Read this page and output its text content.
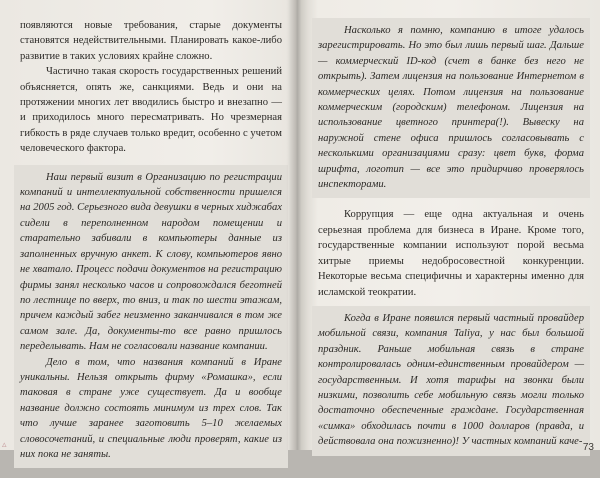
появляются новые требования, старые документы становятся недействительными. Планировать какое-либо развитие в таких условиях крайне сложно.

Частично такая скорость государственных решений объясняется, опять же, санкциями. Ведь и они на протяжении многих лет вводились быстро и внезапно — и приходилось много пересматривать. Но чрезмерная гибкость в ряде случаев только вредит, особенно с учетом человеческого фактора.

Наш первый визит в Организацию по регистрации компаний и интеллектуальной собственности пришелся на 2005 год. Серьезного вида девушки в черных хиджабах сидели в переполненном народом помещении и старательно забивали в компьютеры данные из заполненных вручную анкет. К слову, компьютеров явно не хватало. Процесс подачи документов на регистрацию фирмы занял несколько часов и сопровождался беготней по лестнице по вверх, то вниз, и так по шести этажам, причем каждый забег неизменно заканчивался в том же самом зале. Да, документы-то все равно пришлось переделывать. Нам не согласовали название компании.

Дело в том, что названия компаний в Иране уникальны. Нельзя открыть фирму «Ромашка», если таковая в стране уже существует. Да и вообще название должно состоять минимум из трех слов. Так что лучше заранее заготовить 5–10 желаемых словосочетаний, и специальные люди проверят, какие из них пока не заняты.

▵

Насколько я помню, компанию в итоге удалось зарегистрировать. Но это был лишь первый шаг. Дальше — коммерческий ID-код (счет в банке без него не открыть). Затем лицензия на пользование Интернетом в коммерческих целях. Потом лицензия на пользование коммерческим (городским) телефоном. Лицензия на использование цветного принтера(!). Вывеску на наружной стене офиса пришлось согласовывать с несколькими организациями сразу: цвет букв, форма шрифта, логотип — все это придирчиво проверялось инспекторами.

Коррупция — еще одна актуальная и очень серьезная проблема для бизнеса в Иране. Кроме того, государственные компании используют порой весьма хитрые приемы недобросовестной конкуренции. Некоторые весьма специфичны и характерны именно для исламской теократии.

Когда в Иране появился первый частный провайдер мобильной связи, компания Taliya, у нас был большой праздник. Раньше мобильная связь в стране контролировалась одним-единственным провайдером — государственным. И хотя тарифы на звонки были низкими, позволить себе мобильную связь могли только достаточно обеспеченные граждане. Государственная «симка» обходилась почти в 1000 долларов (правда, и действовала она пожизненно)! У частных компаний каче-

73
